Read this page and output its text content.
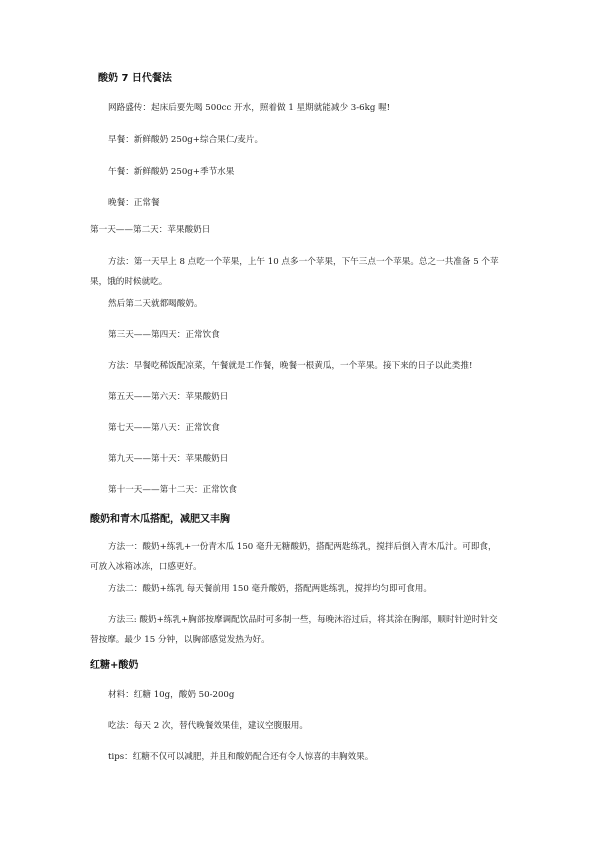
酸奶 7 日代餐法

网路盛传：起床后要先喝 500cc 开水，照着做 1 星期就能减少 3-6kg 喔!

早餐：新鲜酸奶 250g+综合果仁/麦片。

午餐：新鲜酸奶 250g+季节水果

晚餐：正常餐

第一天——第二天：苹果酸奶日

方法：第一天早上 8 点吃一个苹果，上午 10 点多一个苹果，下午三点一个苹果。总之一共准备 5 个苹果，饿的时候就吃。

然后第二天就都喝酸奶。

第三天——第四天：正常饮食

方法：早餐吃稀饭配凉菜，午餐就是工作餐，晚餐一根黄瓜，一个苹果。接下来的日子以此类推!

第五天——第六天：苹果酸奶日

第七天——第八天：正常饮食

第九天——第十天：苹果酸奶日

第十一天——第十二天：正常饮食

酸奶和青木瓜搭配，减肥又丰胸

方法一：酸奶+练乳+一份青木瓜 150 毫升无糖酸奶，搭配两匙练乳，搅拌后倒入青木瓜汁。可即食，可放入冰箱冰冻，口感更好。

方法二：酸奶+练乳 每天餐前用 150 毫升酸奶，搭配两匙练乳，搅拌均匀即可食用。

方法三: 酸奶+练乳+胸部按摩调配饮品时可多制一些，每晚沐浴过后，将其涂在胸部，顺时针逆时针交替按摩。最少 15 分钟，以胸部感觉发热为好。

红糖+酸奶

材料：红糖 10g，酸奶 50-200g

吃法：每天 2 次，替代晚餐效果佳，建议空腹服用。

tips：红糖不仅可以减肥，并且和酸奶配合还有令人惊喜的丰胸效果。
